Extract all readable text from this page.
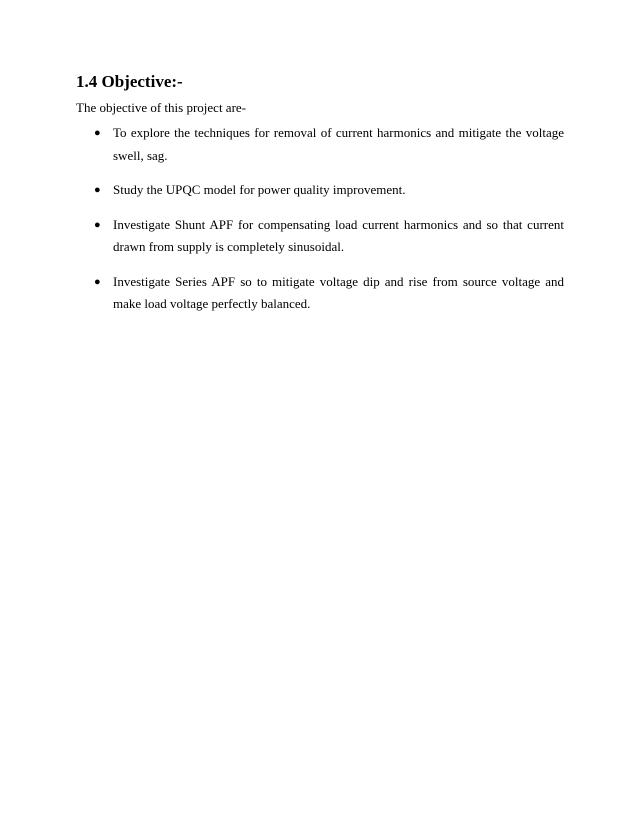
1.4 Objective:-

The objective of this project are-

● To explore the techniques for removal of current harmonics and mitigate the voltage swell, sag.
● Study the UPQC model for power quality improvement.
● Investigate Shunt APF for compensating load current harmonics and so that current drawn from supply is completely sinusoidal.
● Investigate Series APF so to mitigate voltage dip and rise from source voltage and make load voltage perfectly balanced.
